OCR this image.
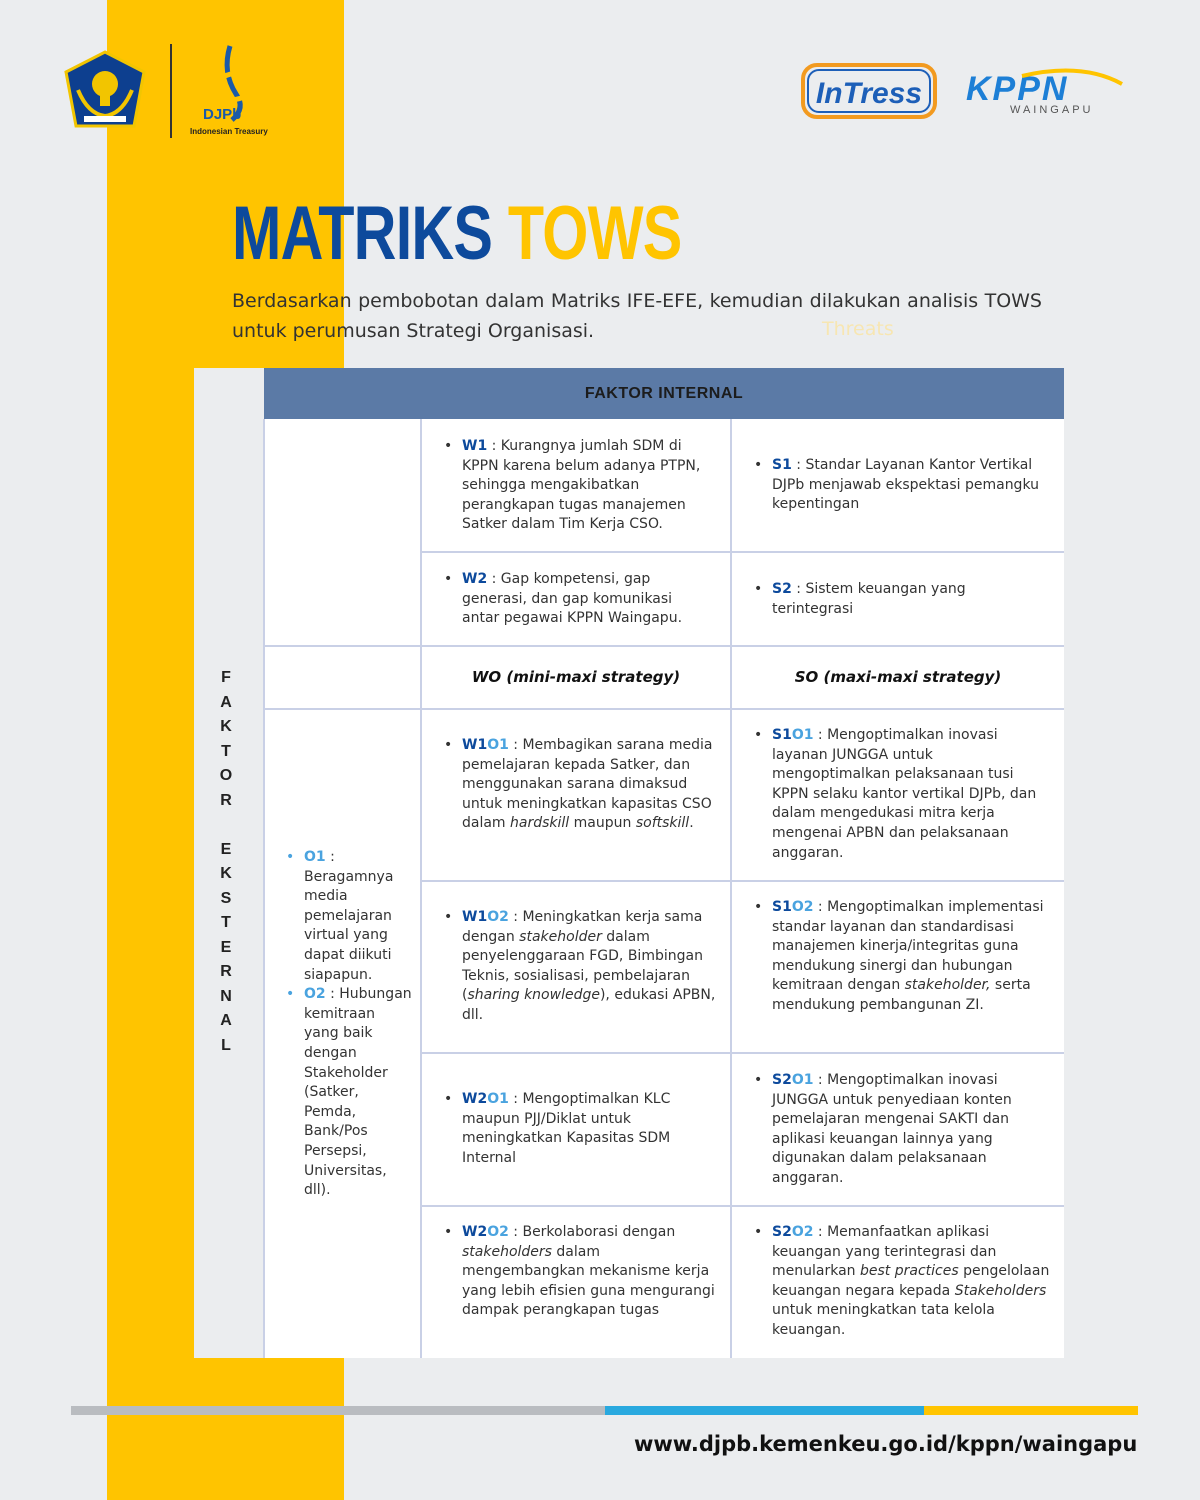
DJPb
Indonesian Treasury
InTress KPPN
WAINGAPU
MATRIKS TOWS

Berdasarkan pembobotan dalam Matriks IFE-EFE, kemudian dilakukan analisis TOWS untuk perumusan Strategi Organisasi.	Threats
F
A
K
T
O
R

E
K
S
T
E
R
N
A
L
FAKTOR INTERNAL
• W1 : Kurangnya jumlah SDM di KPPN karena belum adanya PTPN, sehingga mengakibatkan perangkapan tugas manajemen Satker dalam Tim Kerja CSO.
• S1 : Standar Layanan Kantor Vertikal DJPb menjawab ekspektasi pemangku kepentingan
• W2 : Gap kompetensi, gap generasi, dan gap komunikasi antar pegawai KPPN Waingapu.
• S2 : Sistem keuangan yang terintegrasi
WO (mini-maxi strategy)	SO (maxi-maxi strategy)
• O1 : Beragamnya media pemelajaran virtual yang dapat diikuti siapapun.
• O2 : Hubungan kemitraan yang baik dengan Stakeholder (Satker, Pemda, Bank/Pos Persepsi, Universitas, dll).
• W1O1 : Membagikan sarana media pemelajaran kepada Satker, dan menggunakan sarana dimaksud untuk meningkatkan kapasitas CSO dalam hardskill maupun softskill.
• W1O2 : Meningkatkan kerja sama dengan stakeholder dalam penyelenggaraan FGD, Bimbingan Teknis, sosialisasi, pembelajaran (sharing knowledge), edukasi APBN, dll.
• W2O1 : Mengoptimalkan KLC maupun PJJ/Diklat untuk meningkatkan Kapasitas SDM Internal
• W2O2 : Berkolaborasi dengan stakeholders dalam mengembangkan mekanisme kerja yang lebih efisien guna mengurangi dampak perangkapan tugas
• S1O1 : Mengoptimalkan inovasi layanan JUNGGA untuk mengoptimalkan pelaksanaan tusi KPPN selaku kantor vertikal DJPb, dan dalam mengedukasi mitra kerja mengenai APBN dan pelaksanaan anggaran.
• S1O2 : Mengoptimalkan implementasi standar layanan dan standardisasi manajemen kinerja/integritas guna mendukung sinergi dan hubungan kemitraan dengan stakeholder, serta mendukung pembangunan ZI.
• S2O1 : Mengoptimalkan inovasi JUNGGA untuk penyediaan konten pemelajaran mengenai SAKTI dan aplikasi keuangan lainnya yang digunakan dalam pelaksanaan anggaran.
• S2O2 : Memanfaatkan aplikasi keuangan yang terintegrasi dan menularkan best practices pengelolaan keuangan negara kepada Stakeholders untuk meningkatkan tata kelola keuangan.
www.djpb.kemenkeu.go.id/kppn/waingapu
